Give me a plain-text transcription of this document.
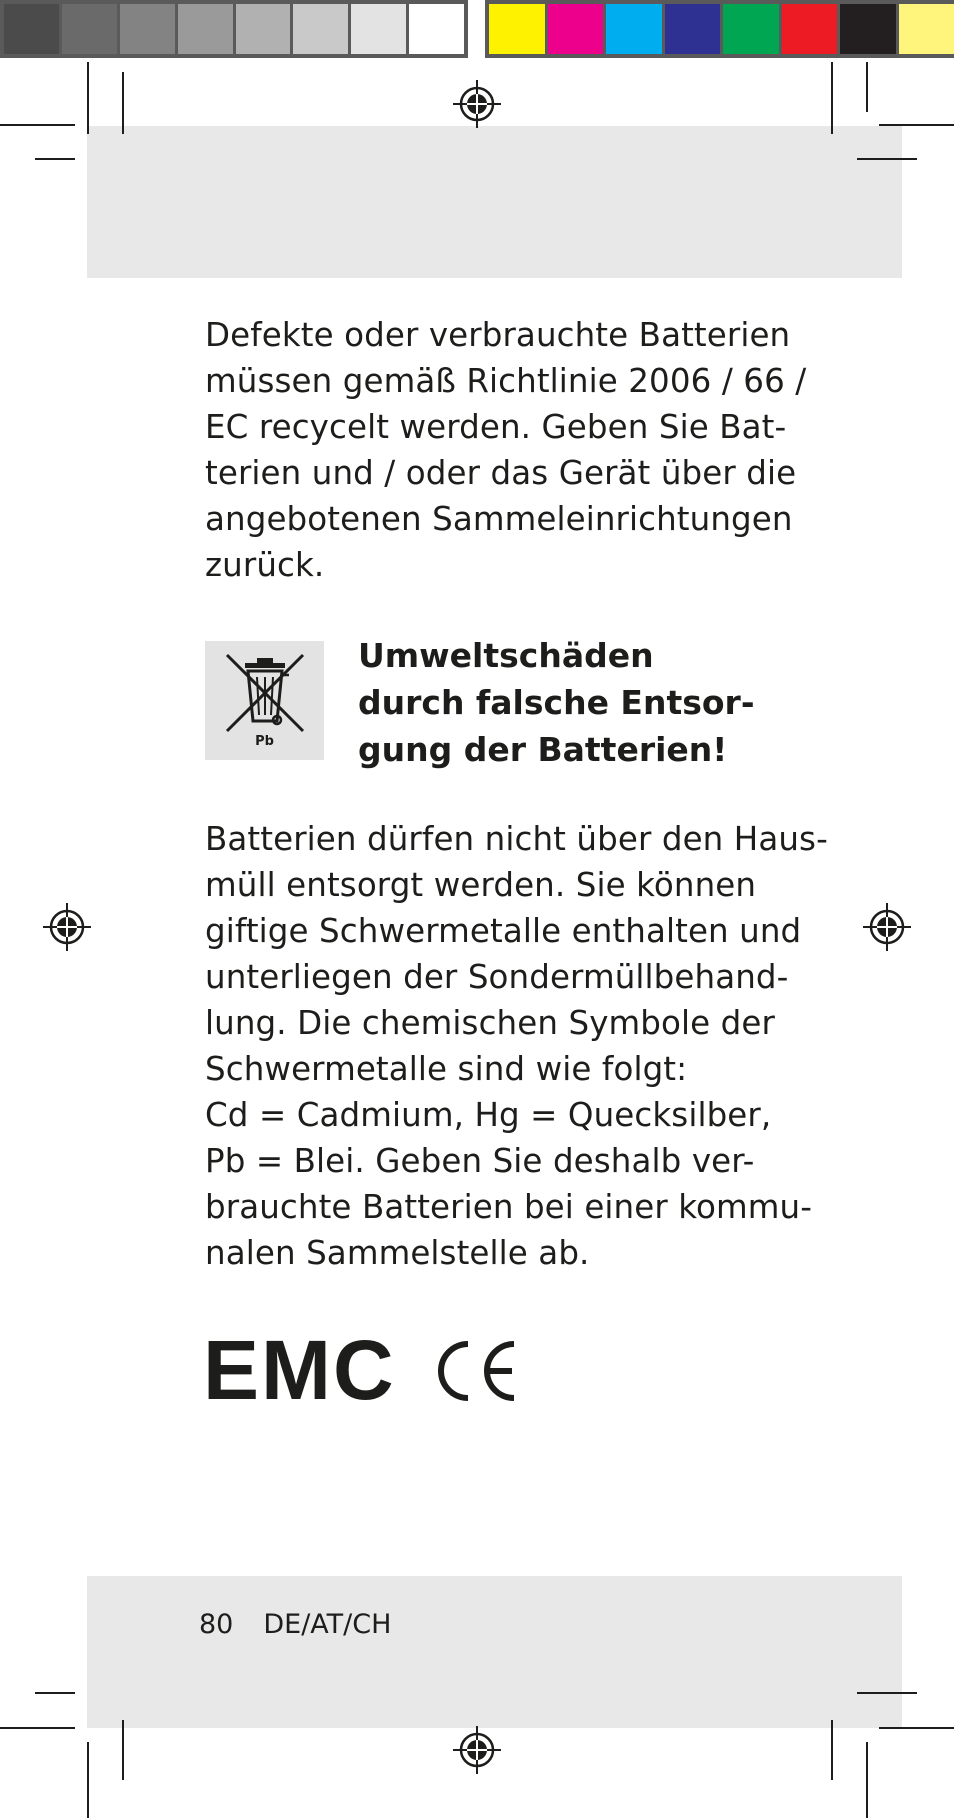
Defekte oder verbrauchte Batterien
müssen gemäß Richtlinie 2006 / 66 /
EC recycelt werden. Geben Sie Bat-
terien und / oder das Gerät über die
angebotenen Sammeleinrichtungen
zurück.

Pb

Umweltschäden
durch falsche Entsor-
gung der Batterien!

Batterien dürfen nicht über den Haus-
müll entsorgt werden. Sie können
giftige Schwermetalle enthalten und
unterliegen der Sondermüllbehand-
lung. Die chemischen Symbole der
Schwermetalle sind wie folgt:
Cd = Cadmium, Hg = Quecksilber,
Pb = Blei. Geben Sie deshalb ver-
brauchte Batterien bei einer kommu-
nalen Sammelstelle ab.

EMC
80 DE/AT/CH
